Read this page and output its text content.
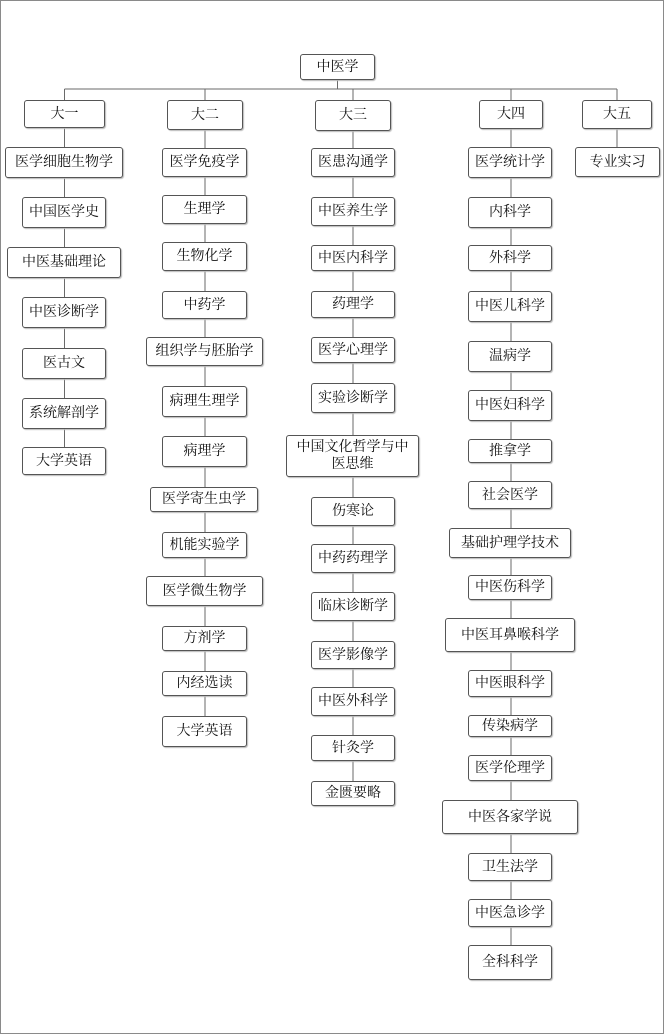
中医学
大一	大二	大三	大四	大五
医学细胞生物学
中国医学史
中医基础理论
中医诊断学
医古文
系统解剖学
大学英语
医学免疫学
生理学
生物化学
中药学
组织学与胚胎学
病理生理学
病理学
医学寄生虫学
机能实验学
医学微生物学
方剂学
内经选读
大学英语
医患沟通学
中医养生学
中医内科学
药理学
医学心理学
实验诊断学
中国文化哲学与中
医思维
伤寒论
中药药理学
临床诊断学
医学影像学
中医外科学
针灸学
金匮要略
医学统计学
内科学
外科学
中医儿科学
温病学
中医妇科学
推拿学
社会医学
基础护理学技术
中医伤科学
中医耳鼻喉科学
中医眼科学
传染病学
医学伦理学
中医各家学说
卫生法学
中医急诊学
全科科学
专业实习
